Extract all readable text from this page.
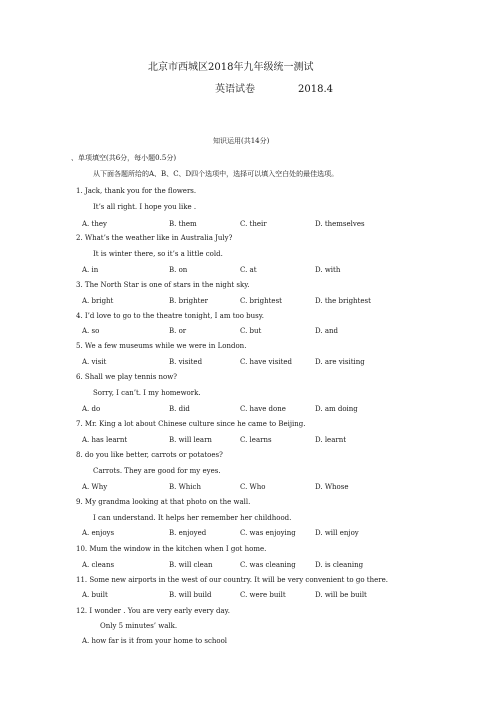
北京市西城区2018年九年级统一测试
英语试卷	2018.4
知识运用(共14分)
、单项填空(共6分，每小题0.5分)
从下面各题所给的A、B、C、D四个选项中，选择可以填入空白处的最佳选项。
1. Jack, thank you for the flowers.
It’s all right. I hope you like .
A. they	B. them	C. their	D. themselves
2. What’s the weather like in Australia July?
It is winter there, so it’s a little cold.
A. in	B. on	C. at	D. with
3. The North Star is one of stars in the night sky.
A. bright	B. brighter	C. brightest	D. the brightest
4. I’d love to go to the theatre tonight, I am too busy.
A. so	B. or	C. but	D. and
5. We a few museums while we were in London.
A. visit	B. visited	C. have visited	D. are visiting
6. Shall we play tennis now?
Sorry, I can’t. I my homework.
A. do	B. did	C. have done	D. am doing
7. Mr. King a lot about Chinese culture since he came to Beijing.
A. has learnt	B. will learn	C. learns	D. learnt
8. do you like better, carrots or potatoes?
Carrots. They are good for my eyes.
A. Why	B. Which	C. Who	D. Whose
9. My grandma looking at that photo on the wall.
I can understand. It helps her remember her childhood.
A. enjoys	B. enjoyed	C. was enjoying	D. will enjoy
10. Mum the window in the kitchen when I got home.
A. cleans	B. will clean	C. was cleaning	D. is cleaning
11. Some new airports in the west of our country. It will be very convenient to go there.
A. built	B. will build	C. were built	D. will be built
12. I wonder . You are very early every day.
Only 5 minutes’ walk.
A. how far is it from your home to school
